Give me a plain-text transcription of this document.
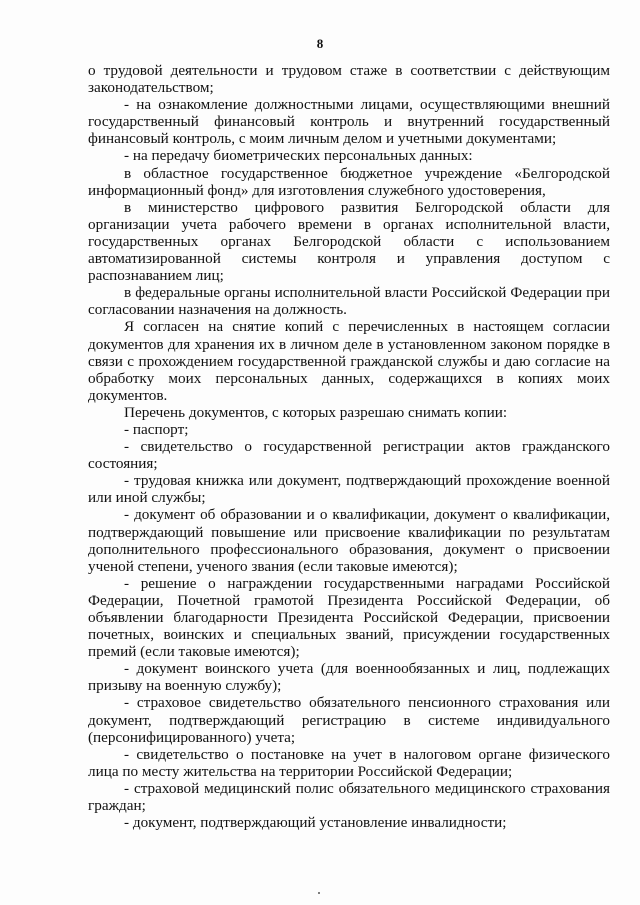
8

о трудовой деятельности и трудовом стаже в соответствии с действующим законодательством;

- на ознакомление должностными лицами, осуществляющими внешний государственный финансовый контроль и внутренний государственный финансовый контроль, с моим личным делом и учетными документами;

- на передачу биометрических персональных данных:

в областное государственное бюджетное учреждение «Белгородской информационный фонд» для изготовления служебного удостоверения,

в министерство цифрового развития Белгородской области для организации учета рабочего времени в органах исполнительной власти, государственных органах Белгородской области с использованием автоматизированной системы контроля и управления доступом с распознаванием лиц;

в федеральные органы исполнительной власти Российской Федерации при согласовании назначения на должность.

Я согласен на снятие копий с перечисленных в настоящем согласии документов для хранения их в личном деле в установленном законом порядке в связи с прохождением государственной гражданской службы и даю согласие на обработку моих персональных данных, содержащихся в копиях моих документов.

Перечень документов, с которых разрешаю снимать копии:

- паспорт;

- свидетельство о государственной регистрации актов гражданского состояния;

- трудовая книжка или документ, подтверждающий прохождение военной или иной службы;

- документ об образовании и о квалификации, документ о квалификации, подтверждающий повышение или присвоение квалификации по результатам дополнительного профессионального образования, документ о присвоении ученой степени, ученого звания (если таковые имеются);

- решение о награждении государственными наградами Российской Федерации, Почетной грамотой Президента Российской Федерации, об объявлении благодарности Президента Российской Федерации, присвоении почетных, воинских и специальных званий, присуждении государственных премий (если таковые имеются);

- документ воинского учета (для военнообязанных и лиц, подлежащих призыву на военную службу);

- страховое свидетельство обязательного пенсионного страхования или документ, подтверждающий регистрацию в системе индивидуального (персонифицированного) учета;

- свидетельство о постановке на учет в налоговом органе физического лица по месту жительства на территории Российской Федерации;

- страховой медицинский полис обязательного медицинского страхования граждан;

- документ, подтверждающий установление инвалидности;
